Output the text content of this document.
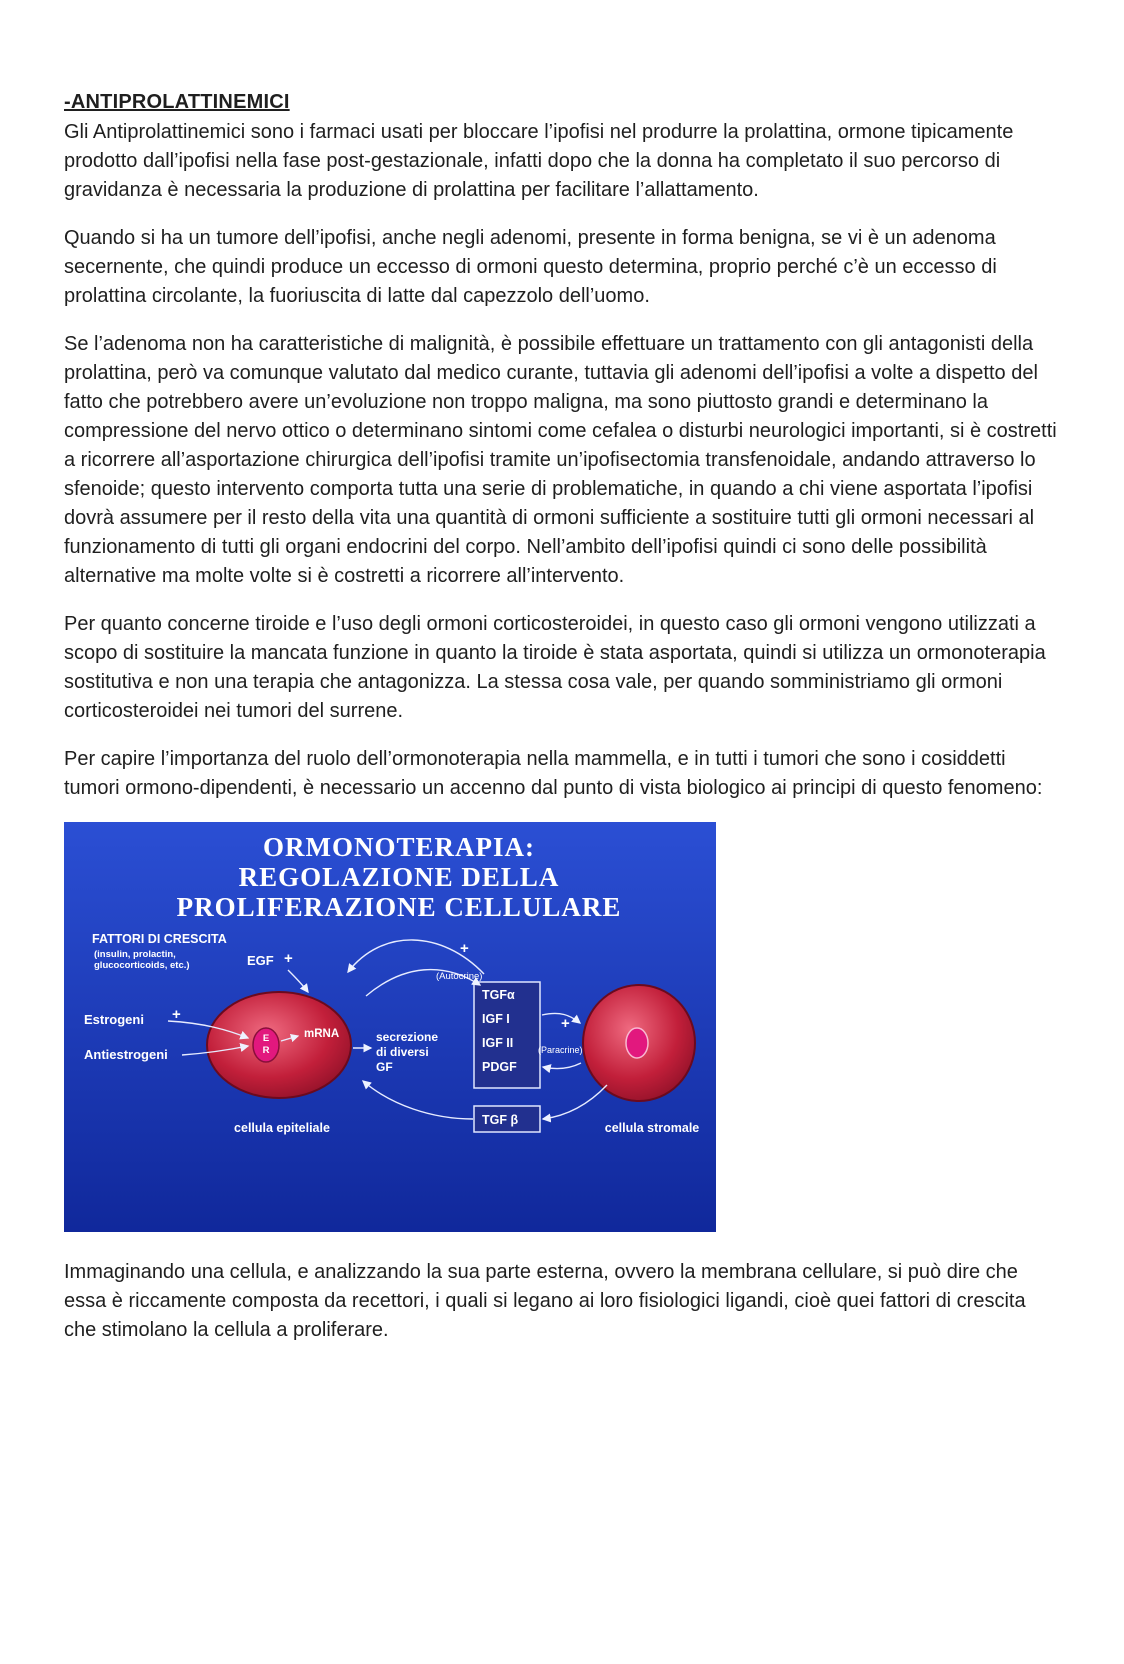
-ANTIPROLATTINEMICI

Gli Antiprolattinemici sono i farmaci usati per bloccare l’ipofisi nel produrre la prolattina, ormone tipicamente prodotto dall’ipofisi nella fase post-gestazionale, infatti dopo che la donna ha completato il suo percorso di gravidanza è necessaria la produzione di prolattina per facilitare l’allattamento.

Quando si ha un tumore dell’ipofisi, anche negli adenomi, presente in forma benigna, se vi è un adenoma secernente, che quindi produce un eccesso di ormoni questo determina, proprio perché c’è un eccesso di prolattina circolante, la fuoriuscita di latte dal capezzolo dell’uomo.

Se l’adenoma non ha caratteristiche di malignità, è possibile effettuare un trattamento con gli antagonisti della prolattina, però va comunque valutato dal medico curante, tuttavia gli adenomi dell’ipofisi a volte a dispetto del fatto che potrebbero avere un’evoluzione non troppo maligna, ma sono piuttosto grandi e determinano la compressione del nervo ottico o determinano sintomi come cefalea o disturbi neurologici importanti, si è costretti a ricorrere all’asportazione chirurgica dell’ipofisi tramite un’ipofisectomia transfenoidale, andando attraverso lo sfenoide; questo intervento comporta tutta una serie di problematiche, in quando a chi viene asportata l’ipofisi dovrà assumere per il resto della vita una quantità di ormoni sufficiente a sostituire tutti gli ormoni necessari al funzionamento di tutti gli organi endocrini del corpo. Nell’ambito dell’ipofisi quindi ci sono delle possibilità alternative ma molte volte si è costretti a ricorrere all’intervento.

Per quanto concerne tiroide e l’uso degli ormoni corticosteroidei, in questo caso gli ormoni vengono utilizzati a scopo di sostituire la mancata funzione in quanto la tiroide è stata asportata, quindi si utilizza un ormonoterapia sostitutiva e non una terapia che antagonizza. La stessa cosa vale, per quando somministriamo gli ormoni corticosteroidei nei tumori del surrene.

Per capire l’importanza del ruolo dell’ormonoterapia nella mammella, e in tutti i tumori che sono i cosiddetti tumori ormono-dipendenti, è necessario un accenno dal punto di vista biologico ai principi di questo fenomeno:

ORMONOTERAPIA:
REGOLAZIONE DELLA
PROLIFERAZIONE CELLULARE
FATTORI DI CRESCITA
(insulin, prolactin,
glucocorticoids, etc.)	EGF +
+
(Autocrine)
Estrogeni +
Antiestrogeni
E
R
mRNA	secrezione
di diversi
GF
TGFα
IGF I
IGF II
PDGF
TGF β
+
(Paracrine)
cellula epiteliale	cellula stromale

Immaginando una cellula, e analizzando la sua parte esterna, ovvero la membrana cellulare, si può dire che essa è riccamente composta da recettori, i quali si legano ai loro fisiologici ligandi, cioè quei fattori di crescita che stimolano la cellula a proliferare.
